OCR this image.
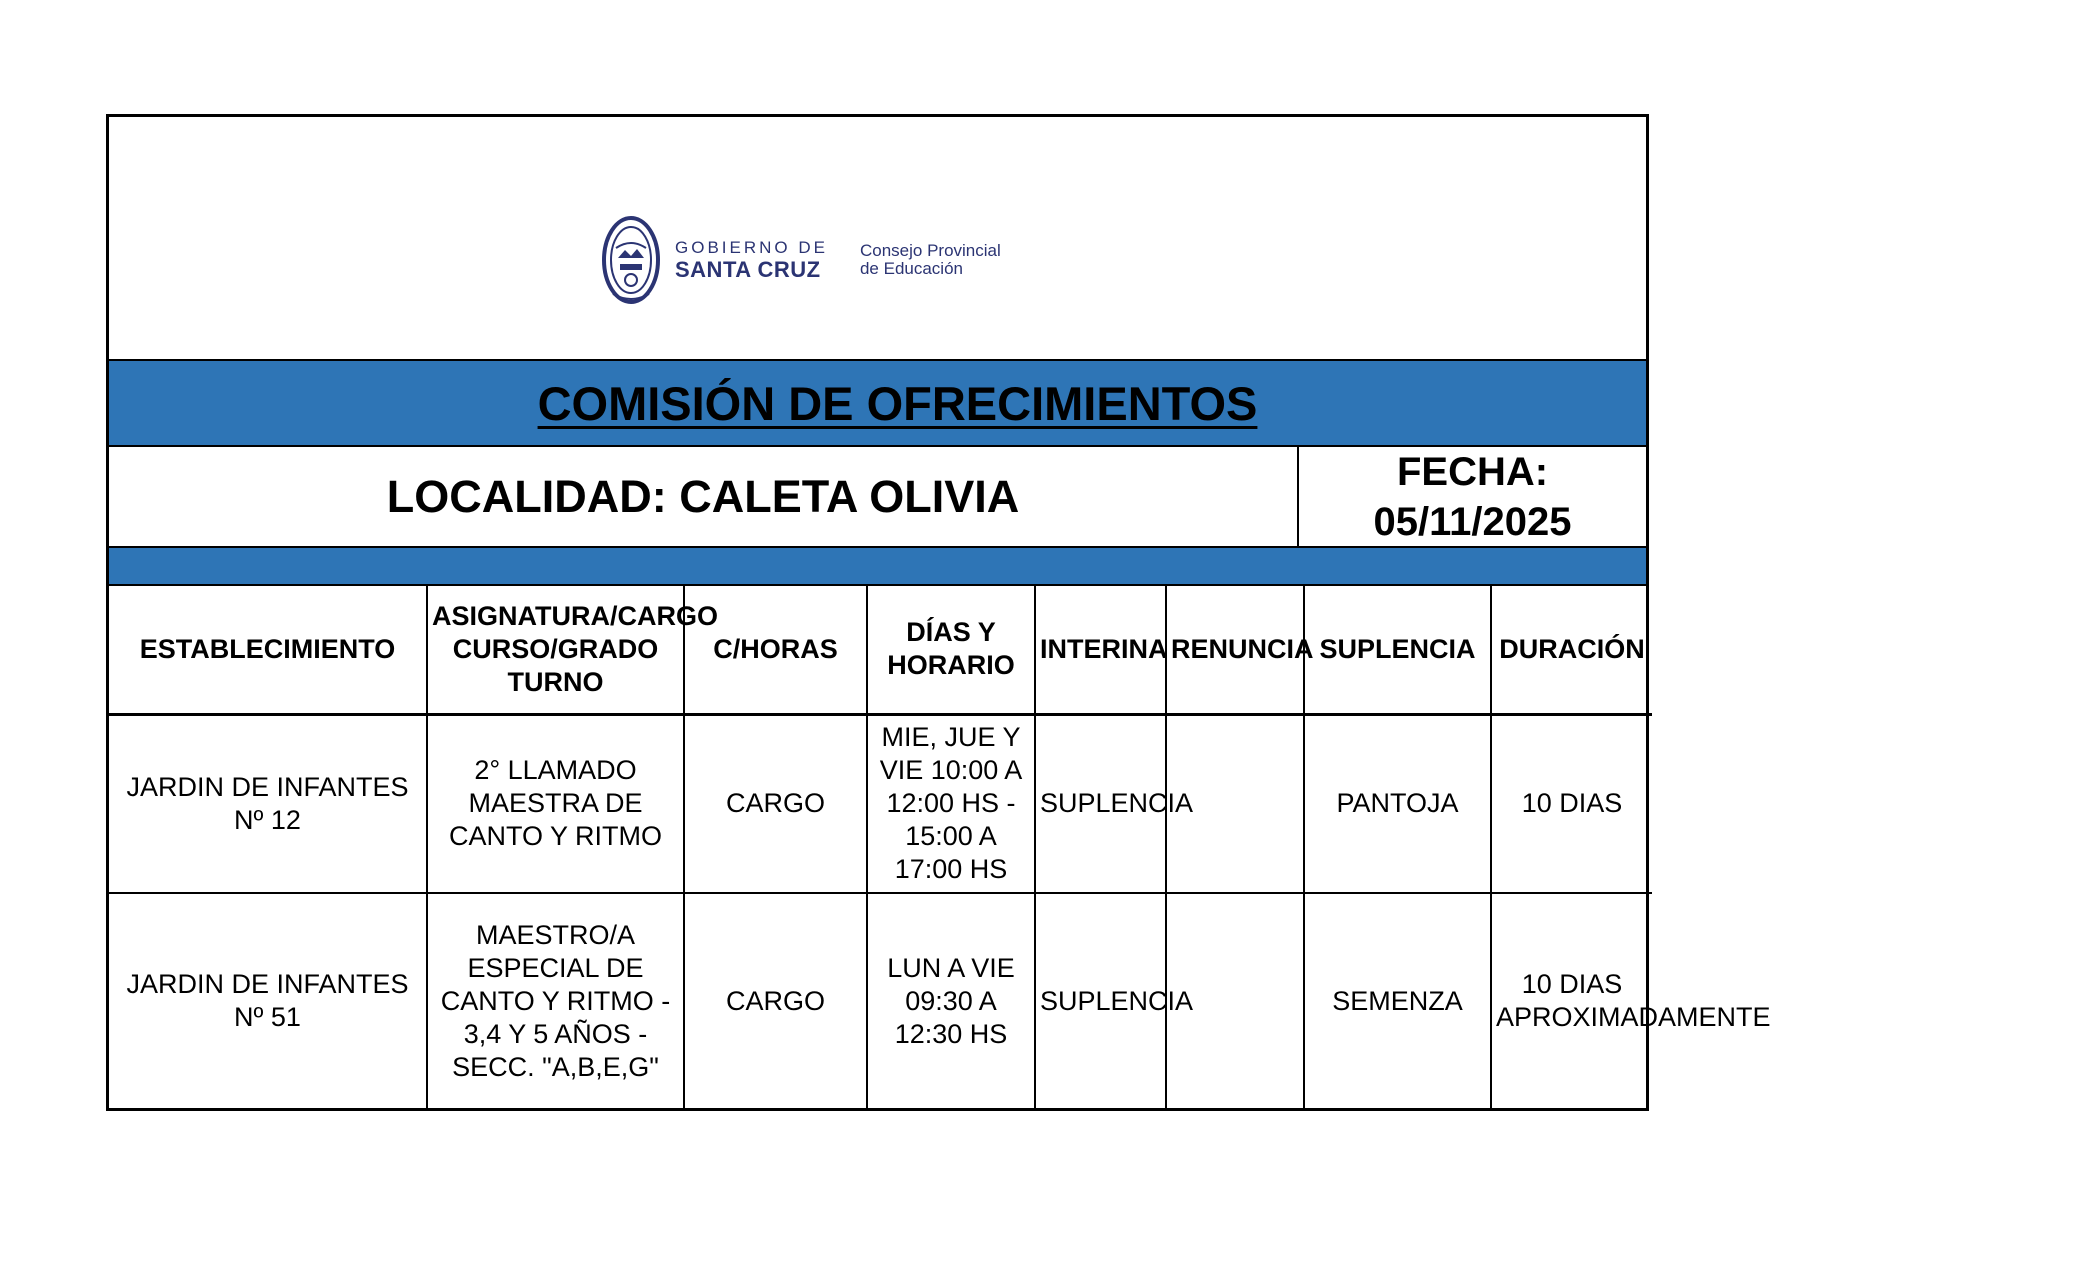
GOBIERNO DE
SANTA CRUZ
Consejo Provincial
de Educación
COMISIÓN DE OFRECIMIENTOS
LOCALIDAD: CALETA OLIVIA	FECHA:
05/11/2025
ESTABLECIMIENTO	ASIGNATURA/CARGO CURSO/GRADO TURNO	C/HORAS	DÍAS Y HORARIO	INTERINA	RENUNCIA	SUPLENCIA	DURACIÓN
JARDIN DE INFANTES Nº 12	2° LLAMADO MAESTRA DE CANTO Y RITMO	CARGO	MIE, JUE Y VIE 10:00 A 12:00 HS - 15:00 A 17:00 HS	SUPLENCIA		PANTOJA	10 DIAS
JARDIN DE INFANTES Nº 51	MAESTRO/A ESPECIAL DE CANTO Y RITMO - 3,4 Y 5 AÑOS - SECC. "A,B,E,G"	CARGO	LUN A VIE 09:30 A 12:30 HS	SUPLENCIA		SEMENZA	10 DIAS APROXIMADAMENTE
